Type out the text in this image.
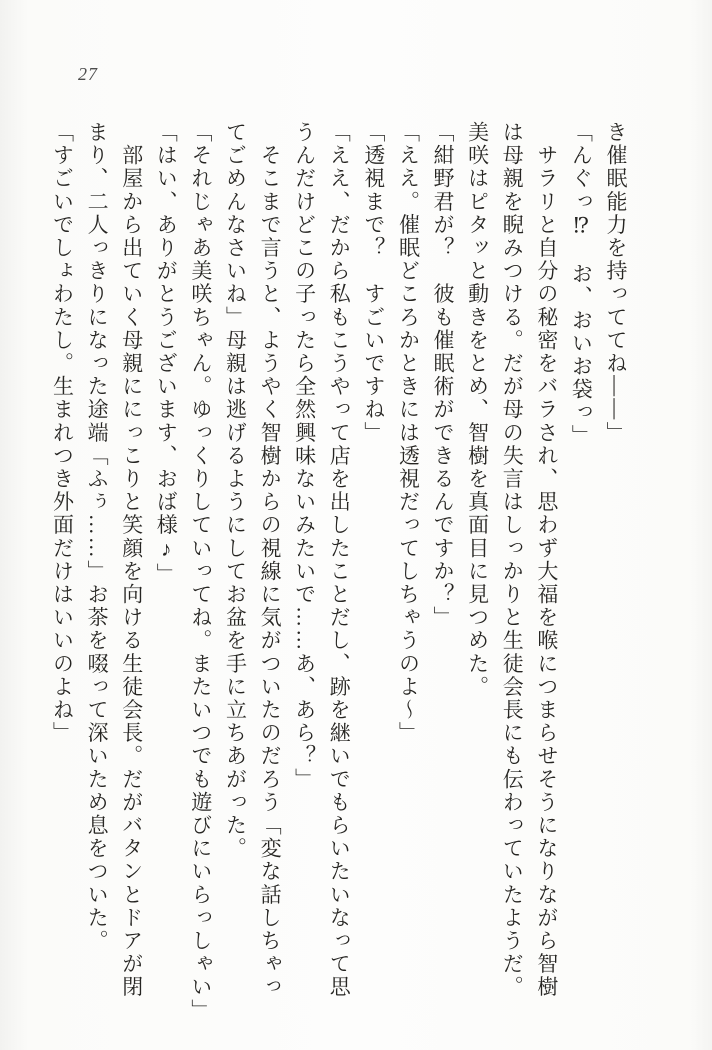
27

き催眠能力を持っててね――」

「んぐっ⁉　お、おいお袋っ」

　サラリと自分の秘密をバラされ、思わず大福を喉につまらせそうになりながら智樹

は母親を睨みつける。だが母の失言はしっかりと生徒会長にも伝わっていたようだ。

美咲はピタッと動きをとめ、智樹を真面目に見つめた。

「紺野君が？　彼も催眠術ができるんですか？」

「ええ。催眠どころかときには透視だってしちゃうのよ〜」

「透視まで？　すごいですね」

「ええ、だから私もこうやって店を出したことだし、跡を継いでもらいたいなって思

うんだけどこの子ったら全然興味ないみたいで……あ、あら？」

　そこまで言うと、ようやく智樹からの視線に気がついたのだろう「変な話しちゃっ

てごめんなさいね」母親は逃げるようにしてお盆を手に立ちあがった。

「それじゃあ美咲ちゃん。ゆっくりしていってね。またいつでも遊びにいらっしゃい」

「はい、ありがとうございます、おば様♪」

　部屋から出ていく母親ににっこりと笑顔を向ける生徒会長。だがバタンとドアが閉

まり、二人っきりになった途端「ふぅ……」お茶を啜って深いため息をついた。

「すごいでしょわたし。生まれつき外面だけはいいのよね」
